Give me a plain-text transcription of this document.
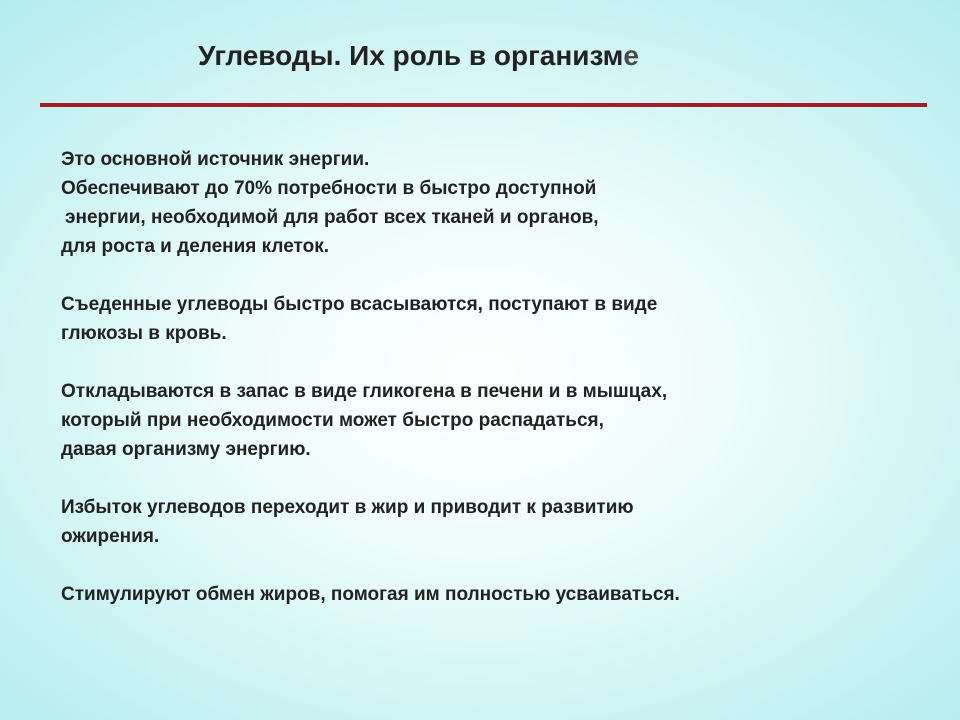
Углеводы. Их роль в организме
Это основной источник энергии.
Обеспечивают до 70% потребности в быстро доступной
энергии, необходимой для работ всех тканей и органов,
для роста и деления клеток.
Съеденные углеводы быстро всасываются, поступают в виде
глюкозы в кровь.
Откладываются в запас в виде гликогена в печени и в мышцах,
который при необходимости может быстро распадаться,
давая организму энергию.
Избыток углеводов переходит в жир и приводит к развитию
ожирения.
Стимулируют обмен жиров, помогая им полностью усваиваться.
